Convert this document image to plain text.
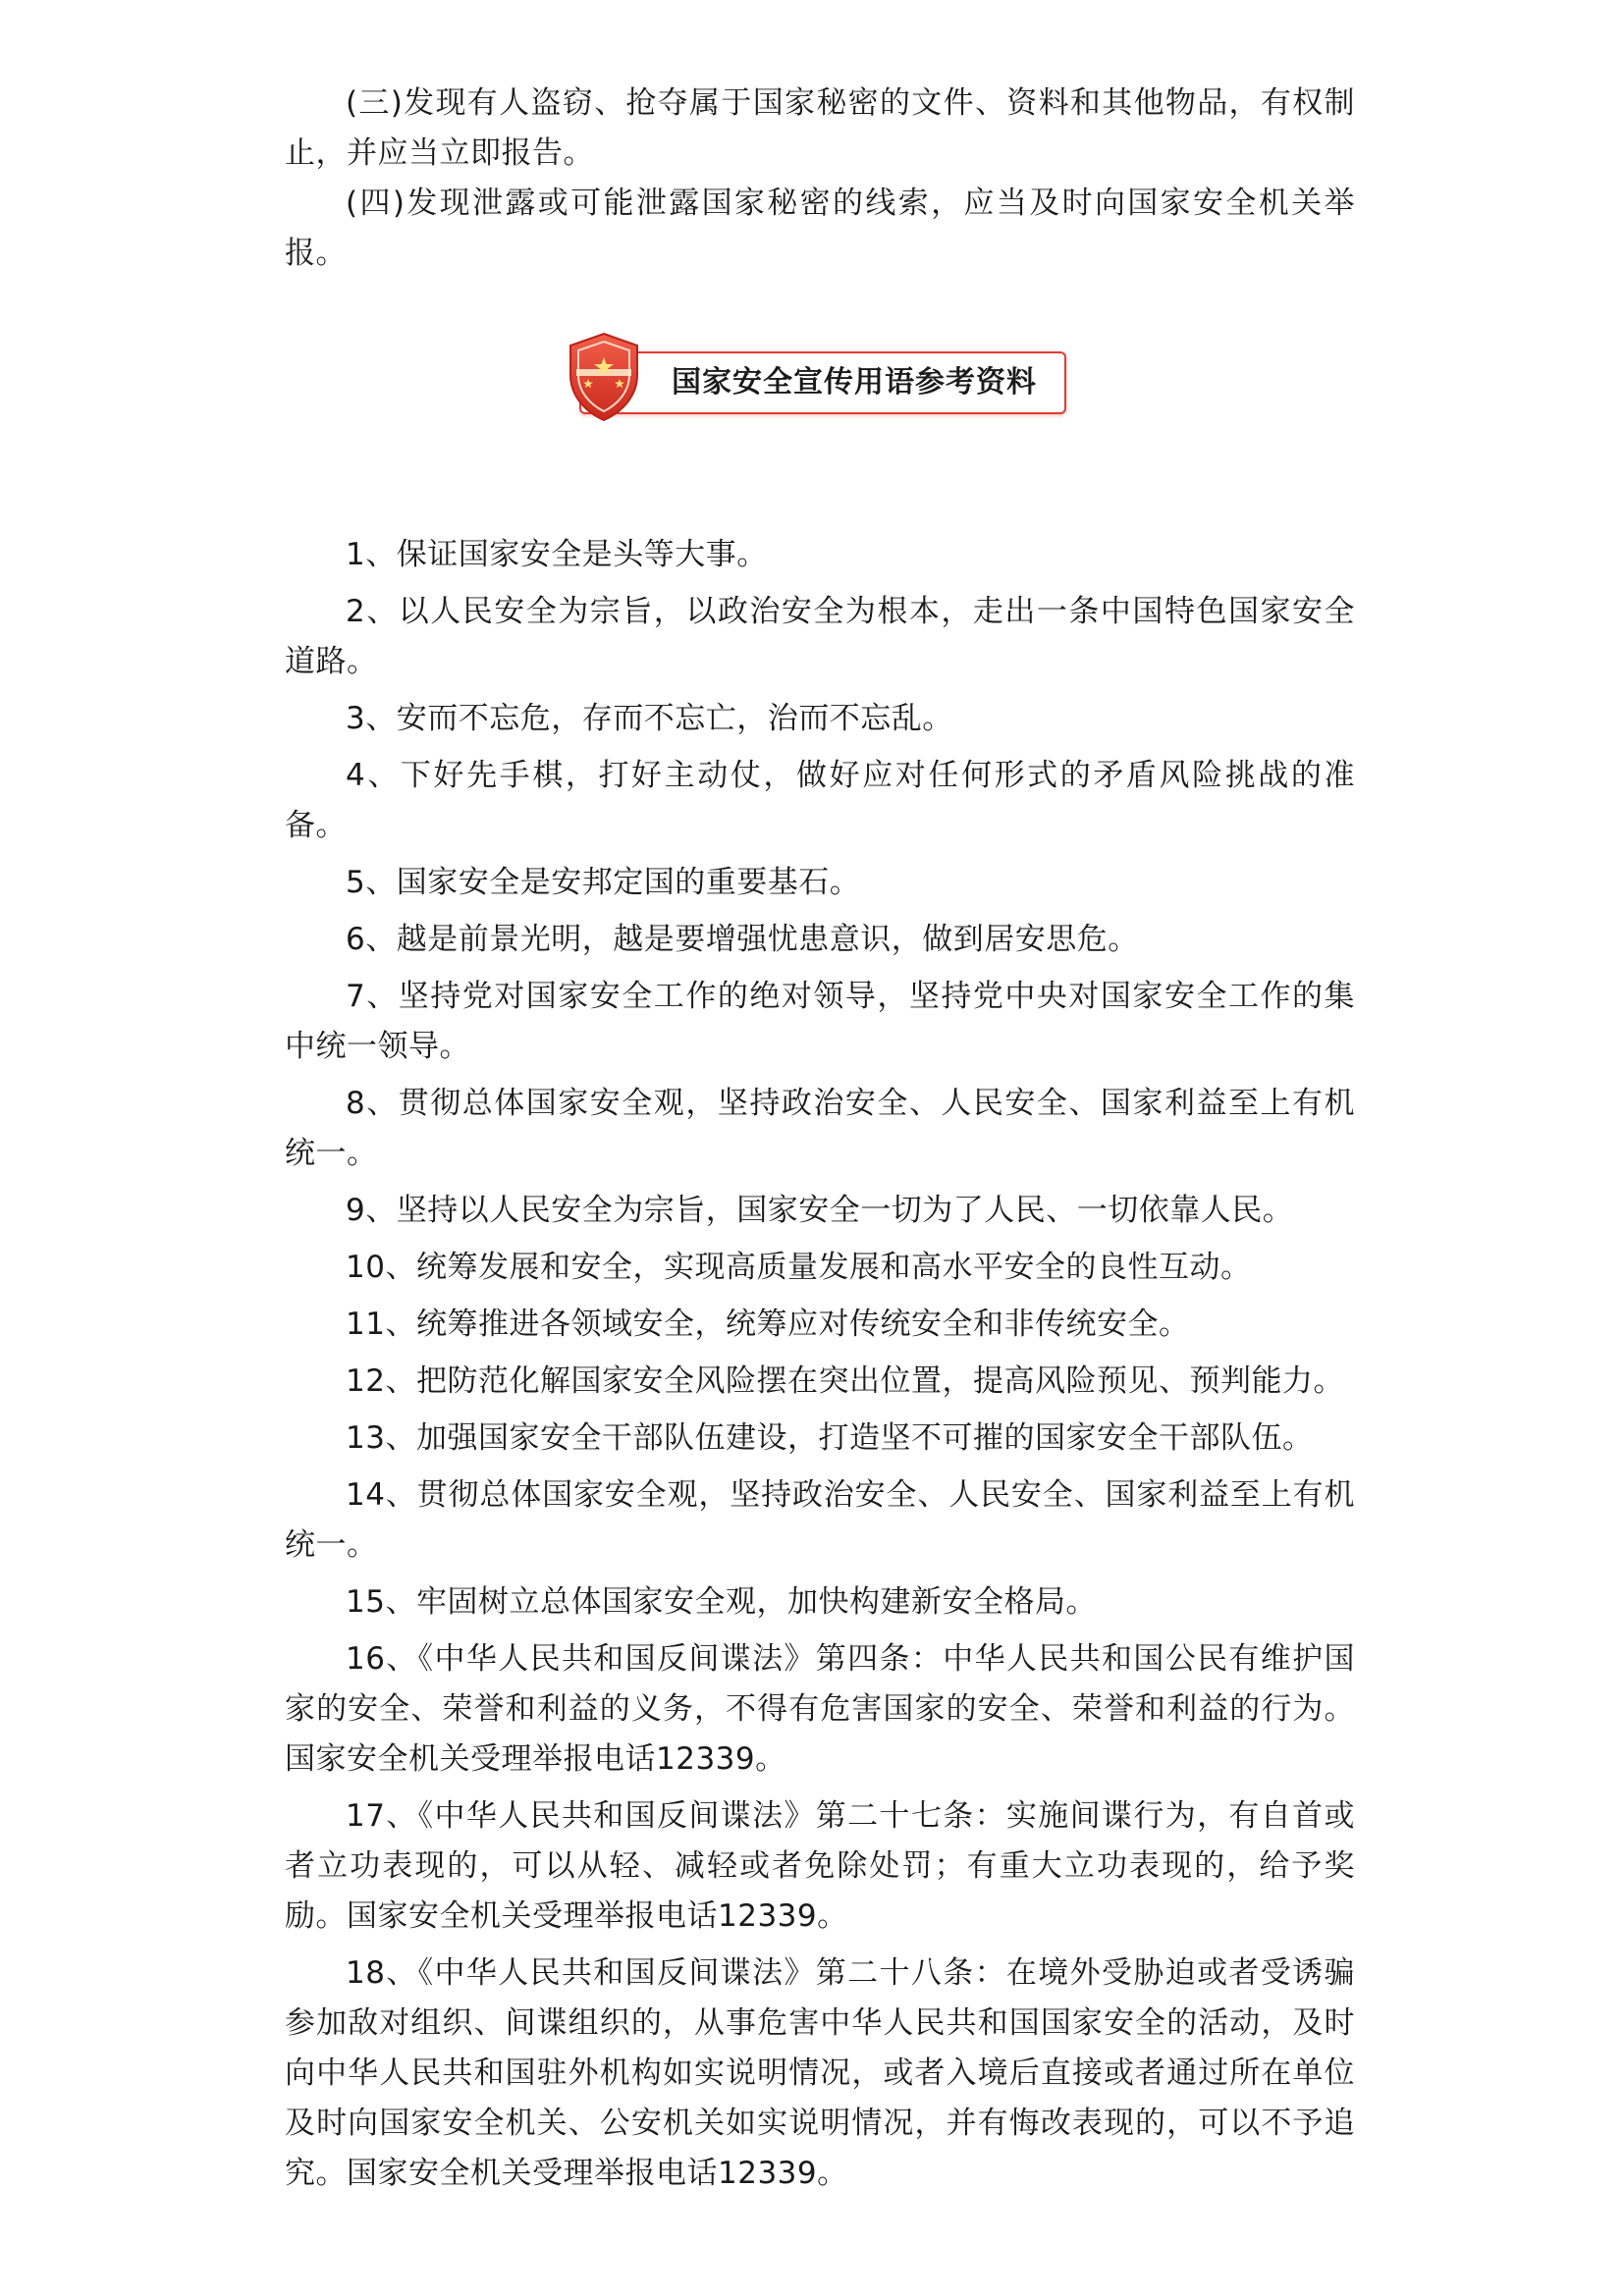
(三)发现有人盗窃、抢夺属于国家秘密的文件、资料和其他物品，有权制止，并应当立即报告。

(四)发现泄露或可能泄露国家秘密的线索，应当及时向国家安全机关举报。

国家安全宣传用语参考资料

1、保证国家安全是头等大事。

2、以人民安全为宗旨，以政治安全为根本，走出一条中国特色国家安全道路。

3、安而不忘危，存而不忘亡，治而不忘乱。

4、下好先手棋，打好主动仗，做好应对任何形式的矛盾风险挑战的准备。

5、国家安全是安邦定国的重要基石。

6、越是前景光明，越是要增强忧患意识，做到居安思危。

7、坚持党对国家安全工作的绝对领导，坚持党中央对国家安全工作的集中统一领导。

8、贯彻总体国家安全观，坚持政治安全、人民安全、国家利益至上有机统一。

9、坚持以人民安全为宗旨，国家安全一切为了人民、一切依靠人民。

10、统筹发展和安全，实现高质量发展和高水平安全的良性互动。

11、统筹推进各领域安全，统筹应对传统安全和非传统安全。

12、把防范化解国家安全风险摆在突出位置，提高风险预见、预判能力。

13、加强国家安全干部队伍建设，打造坚不可摧的国家安全干部队伍。

14、贯彻总体国家安全观，坚持政治安全、人民安全、国家利益至上有机统一。

15、牢固树立总体国家安全观，加快构建新安全格局。

16、《中华人民共和国反间谍法》第四条：中华人民共和国公民有维护国家的安全、荣誉和利益的义务，不得有危害国家的安全、荣誉和利益的行为。国家安全机关受理举报电话12339。

17、《中华人民共和国反间谍法》第二十七条：实施间谍行为，有自首或者立功表现的，可以从轻、减轻或者免除处罚；有重大立功表现的，给予奖励。国家安全机关受理举报电话12339。

18、《中华人民共和国反间谍法》第二十八条：在境外受胁迫或者受诱骗参加敌对组织、间谍组织的，从事危害中华人民共和国国家安全的活动，及时向中华人民共和国驻外机构如实说明情况，或者入境后直接或者通过所在单位及时向国家安全机关、公安机关如实说明情况，并有悔改表现的，可以不予追究。国家安全机关受理举报电话12339。
